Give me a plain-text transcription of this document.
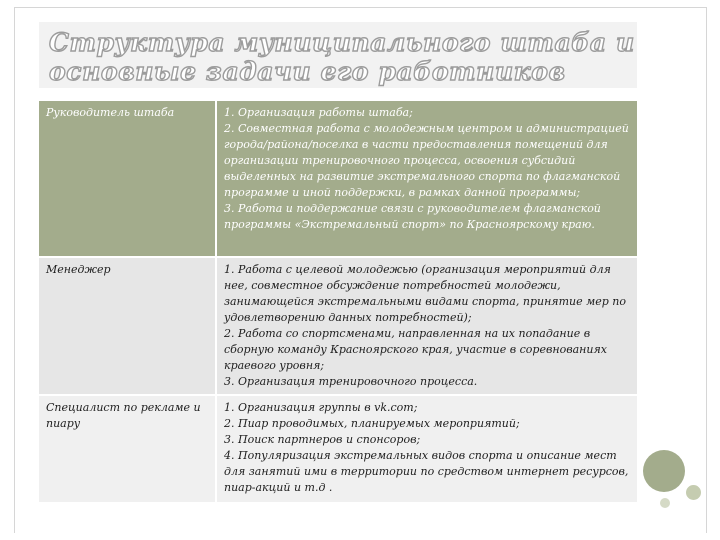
Структура муниципального штаба и
основные задачи его работников
Руководитель штаба	1. Организация работы штаба;
2. Совместная работа с молодежным центром и администрацией города/района/поселка в части предоставления помещений для организации тренировочного процесса, освоения субсидий выделенных на развитие экстремального спорта по флагманской программе и иной поддержки, в рамках данной программы;
3. Работа и поддержание связи с руководителем флагманской программы «Экстремальный спорт» по Красноярскому краю.

Менеджер	1. Работа с целевой молодежью (организация мероприятий для нее, совместное обсуждение потребностей молодежи, занимающейся экстремальными видами спорта, принятие мер по удовлетворению данных потребностей);
2. Работа со спортсменами, направленная на их попадание в сборную команду Красноярского края, участие в соревнованиях краевого уровня;
3. Организация тренировочного процесса.

Специалист по рекламе и пиару	1. Организация группы в vk.com;
2. Пиар проводимых, планируемых мероприятий;
3. Поиск партнеров и спонсоров;
4. Популяризация экстремальных видов спорта и описание мест для занятий ими в территории по средством интернет ресурсов, пиар-акций и т.д .
